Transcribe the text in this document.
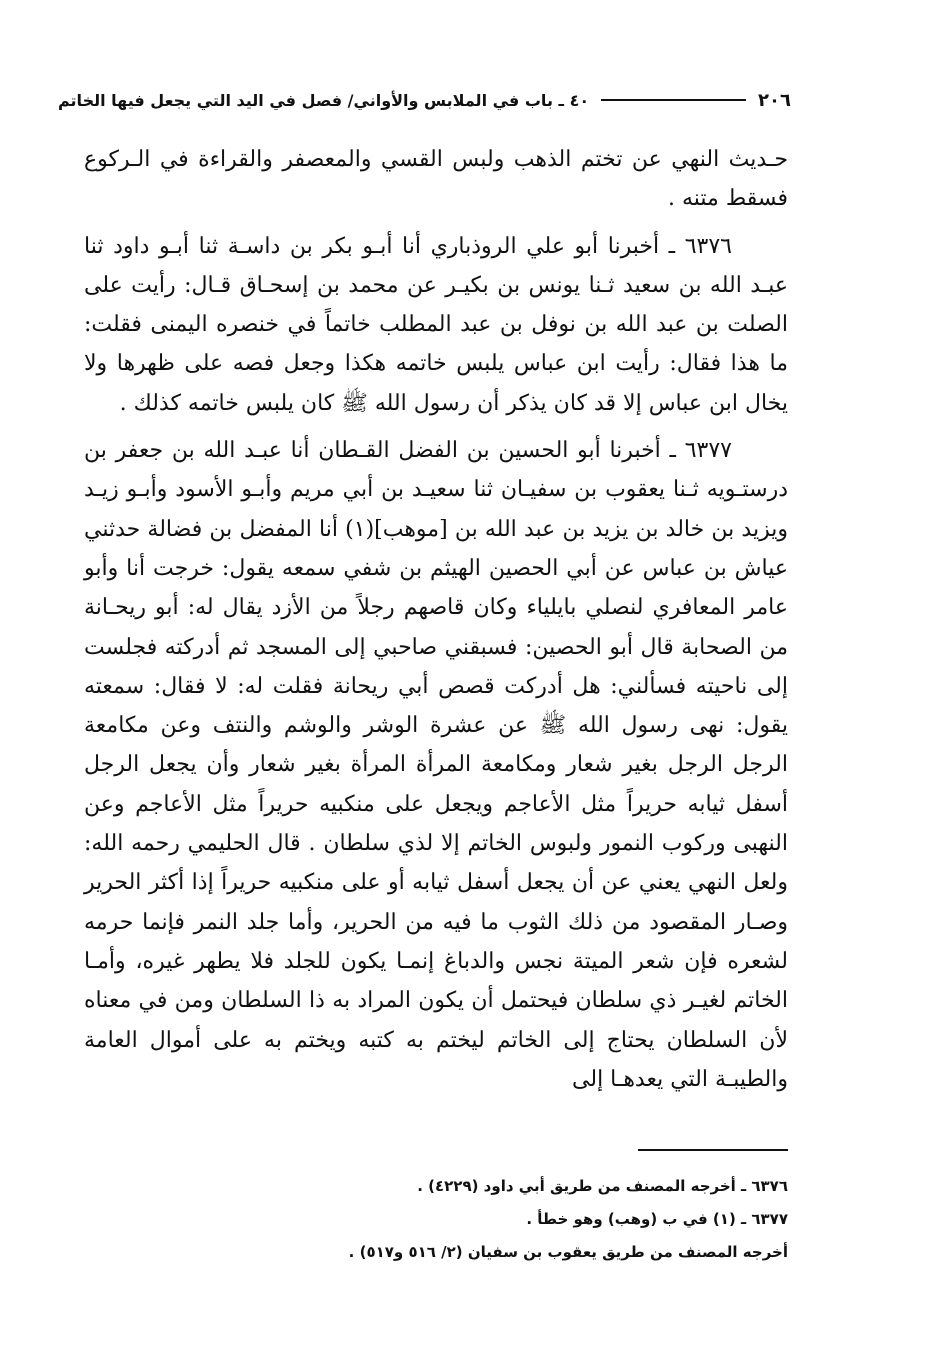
٢٠٦
٤٠ ـ باب في الملابس والأواني/ فصل في اليد التي يجعل فيها الخاتم

حـديث النهي عن تختم الذهب ولبس القسي والمعصفر والقراءة في الـركوع فسقط متنه .

٦٣٧٦ ـ أخبرنا أبو علي الروذباري أنا أبـو بكر بن داسـة ثنا أبـو داود ثنا عبـد الله بن سعيد ثـنا يونس بن بكيـر عن محمد بن إسحـاق قـال: رأيت على الصلت بن عبد الله بن نوفل بن عبد المطلب خاتماً في خنصره اليمنى فقلت: ما هذا فقال: رأيت ابن عباس يلبس خاتمه هكذا وجعل فصه على ظهرها ولا يخال ابن عباس إلا قد كان يذكر أن رسول الله ﷺ كان يلبس خاتمه كذلك .

٦٣٧٧ ـ أخبرنا أبو الحسين بن الفضل القـطان أنا عبـد الله بن جعفر بن درستـويه ثـنا يعقوب بن سفيـان ثنا سعيـد بن أبي مريم وأبـو الأسود وأبـو زيـد ويزيد بن خالد بن يزيد بن عبد الله بن [موهب](١) أنا المفضل بن فضالة حدثني عياش بن عباس عن أبي الحصين الهيثم بن شفي سمعه يقول: خرجت أنا وأبو عامر المعافري لنصلي بايلياء وكان قاصهم رجلاً من الأزد يقال له: أبو ريحـانة من الصحابة قال أبو الحصين: فسبقني صاحبي إلى المسجد ثم أدركته فجلست إلى ناحيته فسألني: هل أدركت قصص أبي ريحانة فقلت له: لا فقال: سمعته يقول: نهى رسول الله ﷺ عن عشرة الوشر والوشم والنتف وعن مكامعة الرجل الرجل بغير شعار ومكامعة المرأة المرأة بغير شعار وأن يجعل الرجل أسفل ثيابه حريراً مثل الأعاجم ويجعل على منكبيه حريراً مثل الأعاجم وعن النهبى وركوب النمور ولبوس الخاتم إلا لذي سلطان . قال الحليمي رحمه الله: ولعل النهي يعني عن أن يجعل أسفل ثيابه أو على منكبيه حريراً إذا أكثر الحرير وصـار المقصود من ذلك الثوب ما فيه من الحرير، وأما جلد النمر فإنما حرمه لشعره فإن شعر الميتة نجس والدباغ إنمـا يكون للجلد فلا يطهر غيره، وأمـا الخاتم لغيـر ذي سلطان فيحتمل أن يكون المراد به ذا السلطان ومن في معناه لأن السلطان يحتاج إلى الخاتم ليختم به كتبه ويختم به على أموال العامة والطيبـة التي يعدهـا إلى

٦٣٧٦ ـ أخرجه المصنف من طريق أبي داود (٤٢٢٩) .
٦٣٧٧ ـ (١) في ب (وهب) وهو خطأ .
أخرجه المصنف من طريق يعقوب بن سفيان (٢/ ٥١٦ و٥١٧) .
